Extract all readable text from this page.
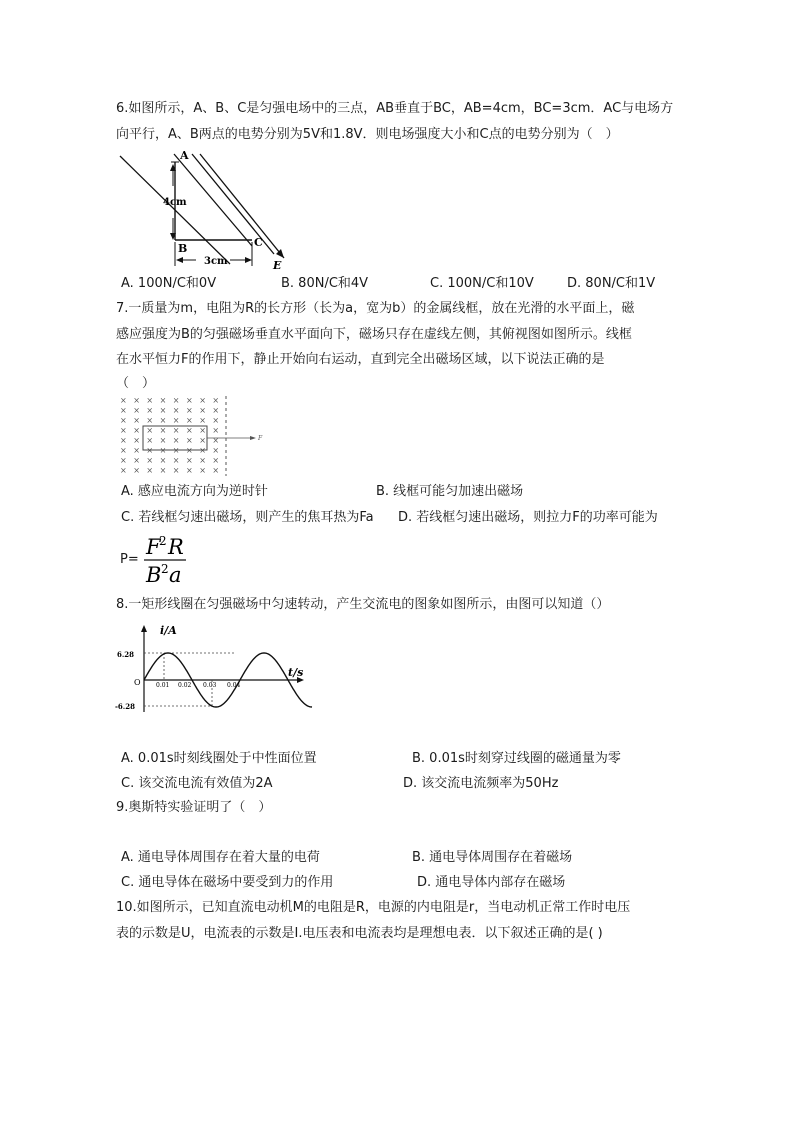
6.如图所示，A、B、C是匀强电场中的三点，AB垂直于BC，AB=4cm，BC=3cm．AC与电场方
向平行，A、B两点的电势分别为5V和1.8V．则电场强度大小和C点的电势分别为（　）
A
B	C
E
4cm
3cm
A. 100N/C和0V	B. 80N/C和4V	C. 100N/C和10V	D. 80N/C和1V
7.一质量为m，电阻为R的长方形（长为a，宽为b）的金属线框，放在光滑的水平面上，磁
感应强度为B的匀强磁场垂直水平面向下，磁场只存在虚线左侧，其俯视图如图所示。线框
在水平恒力F的作用下，静止开始向右运动，直到完全出磁场区域，以下说法正确的是
（　）
× × × × × × × ×
× × × × × × × ×
× × × × × × × ×
× × × × × × × ×
× × × × × × × ×
× × × × × × × ×
× × × × × × × ×
× × × × × × × ×
F
A. 感应电流方向为逆时针	B. 线框可能匀加速出磁场
C. 若线框匀速出磁场，则产生的焦耳热为Fa D. 若线框匀速出磁场，则拉力F的功率可能为
P=
F
2 R
B 2 a
8.一矩形线圈在匀强磁场中匀速转动，产生交流电的图象如图所示，由图可以知道（）
i/A
t/s
O
6.28
-6.28
0.01 0.02 0.03 0.04
A. 0.01s时刻线圈处于中性面位置	B. 0.01s时刻穿过线圈的磁通量为零
C. 该交流电流有效值为2A	D. 该交流电流频率为50Hz
9.奥斯特实验证明了（　）
A. 通电导体周围存在着大量的电荷	B. 通电导体周围存在着磁场
C. 通电导体在磁场中要受到力的作用	D. 通电导体内部存在磁场
10.如图所示，已知直流电动机M的电阻是R，电源的内电阻是r，当电动机正常工作时电压
表的示数是U，电流表的示数是I.电压表和电流表均是理想电表．以下叙述正确的是( )
